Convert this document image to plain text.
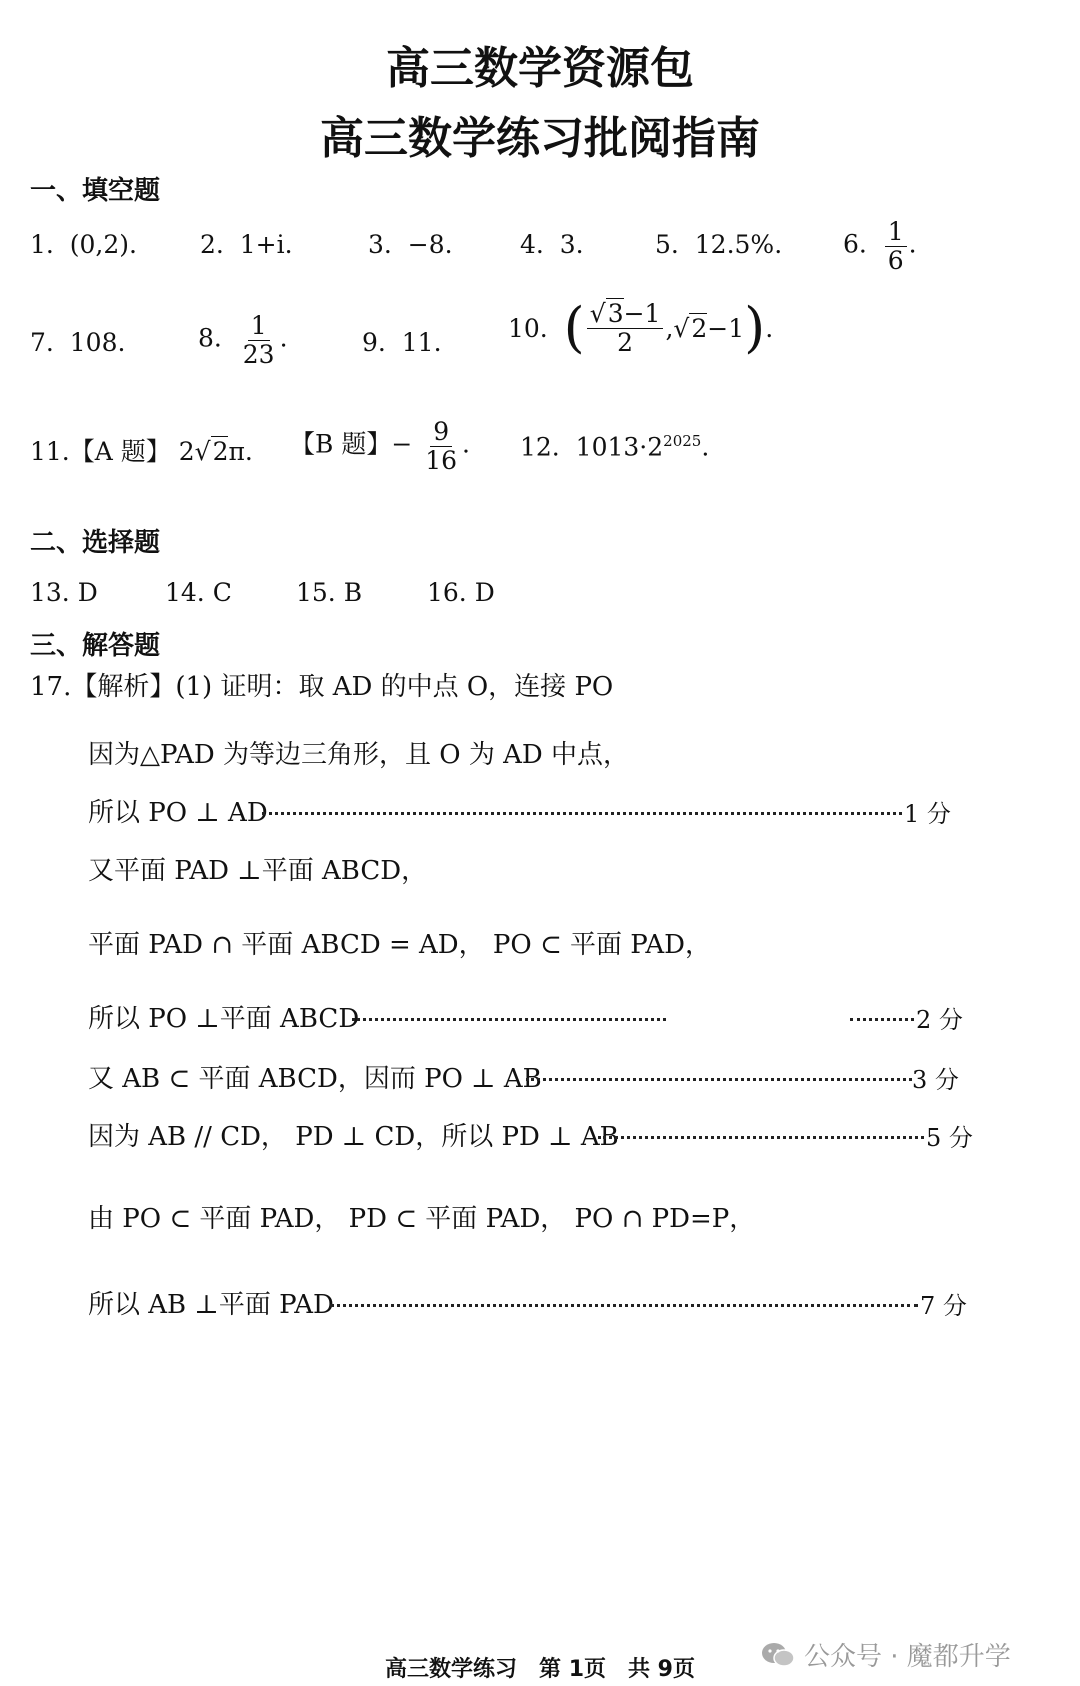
高三数学资源包
高三数学练习批阅指南
一、填空题
1. (0,2).	2. 1+i.	3. −8.	4. 3.	5. 12.5%. 6. $\frac{1}{6}$ .
7. 108.	8. $\frac{1}{23}$ .	9. 11.	10.
( $\frac{√3-1}{2}$ , √ 2 −1 ) .
11.【A 题】 2√2π. 【B 题】− $\frac{9}{16}$ . 12. $1013\cdot 2^{2025}$.
二、选择题
13. D	14. C	15. B	16. D
三、解答题
17.【解析】(1) 证明：取 AD 的中点 O，连接 PO
因为△PAD 为等边三角形，且 O 为 AD 中点，
所以 PO ⊥ AD	1 分
又平面 PAD ⊥平面 ABCD，
平面 PAD ∩ 平面 ABCD = AD， PO ⊂ 平面 PAD，
所以 PO ⊥平面 ABCD	2 分
又 AB ⊂ 平面 ABCD，因而 PO ⊥ AB	3 分
因为 AB // CD， PD ⊥ CD，所以 PD ⊥ AB	5 分
由 PO ⊂ 平面 PAD， PD ⊂ 平面 PAD， PO ∩ PD=P，
所以 AB ⊥平面 PAD	7 分
高三数学练习　第 1页　共 9页	公众号 · 魔都升学
